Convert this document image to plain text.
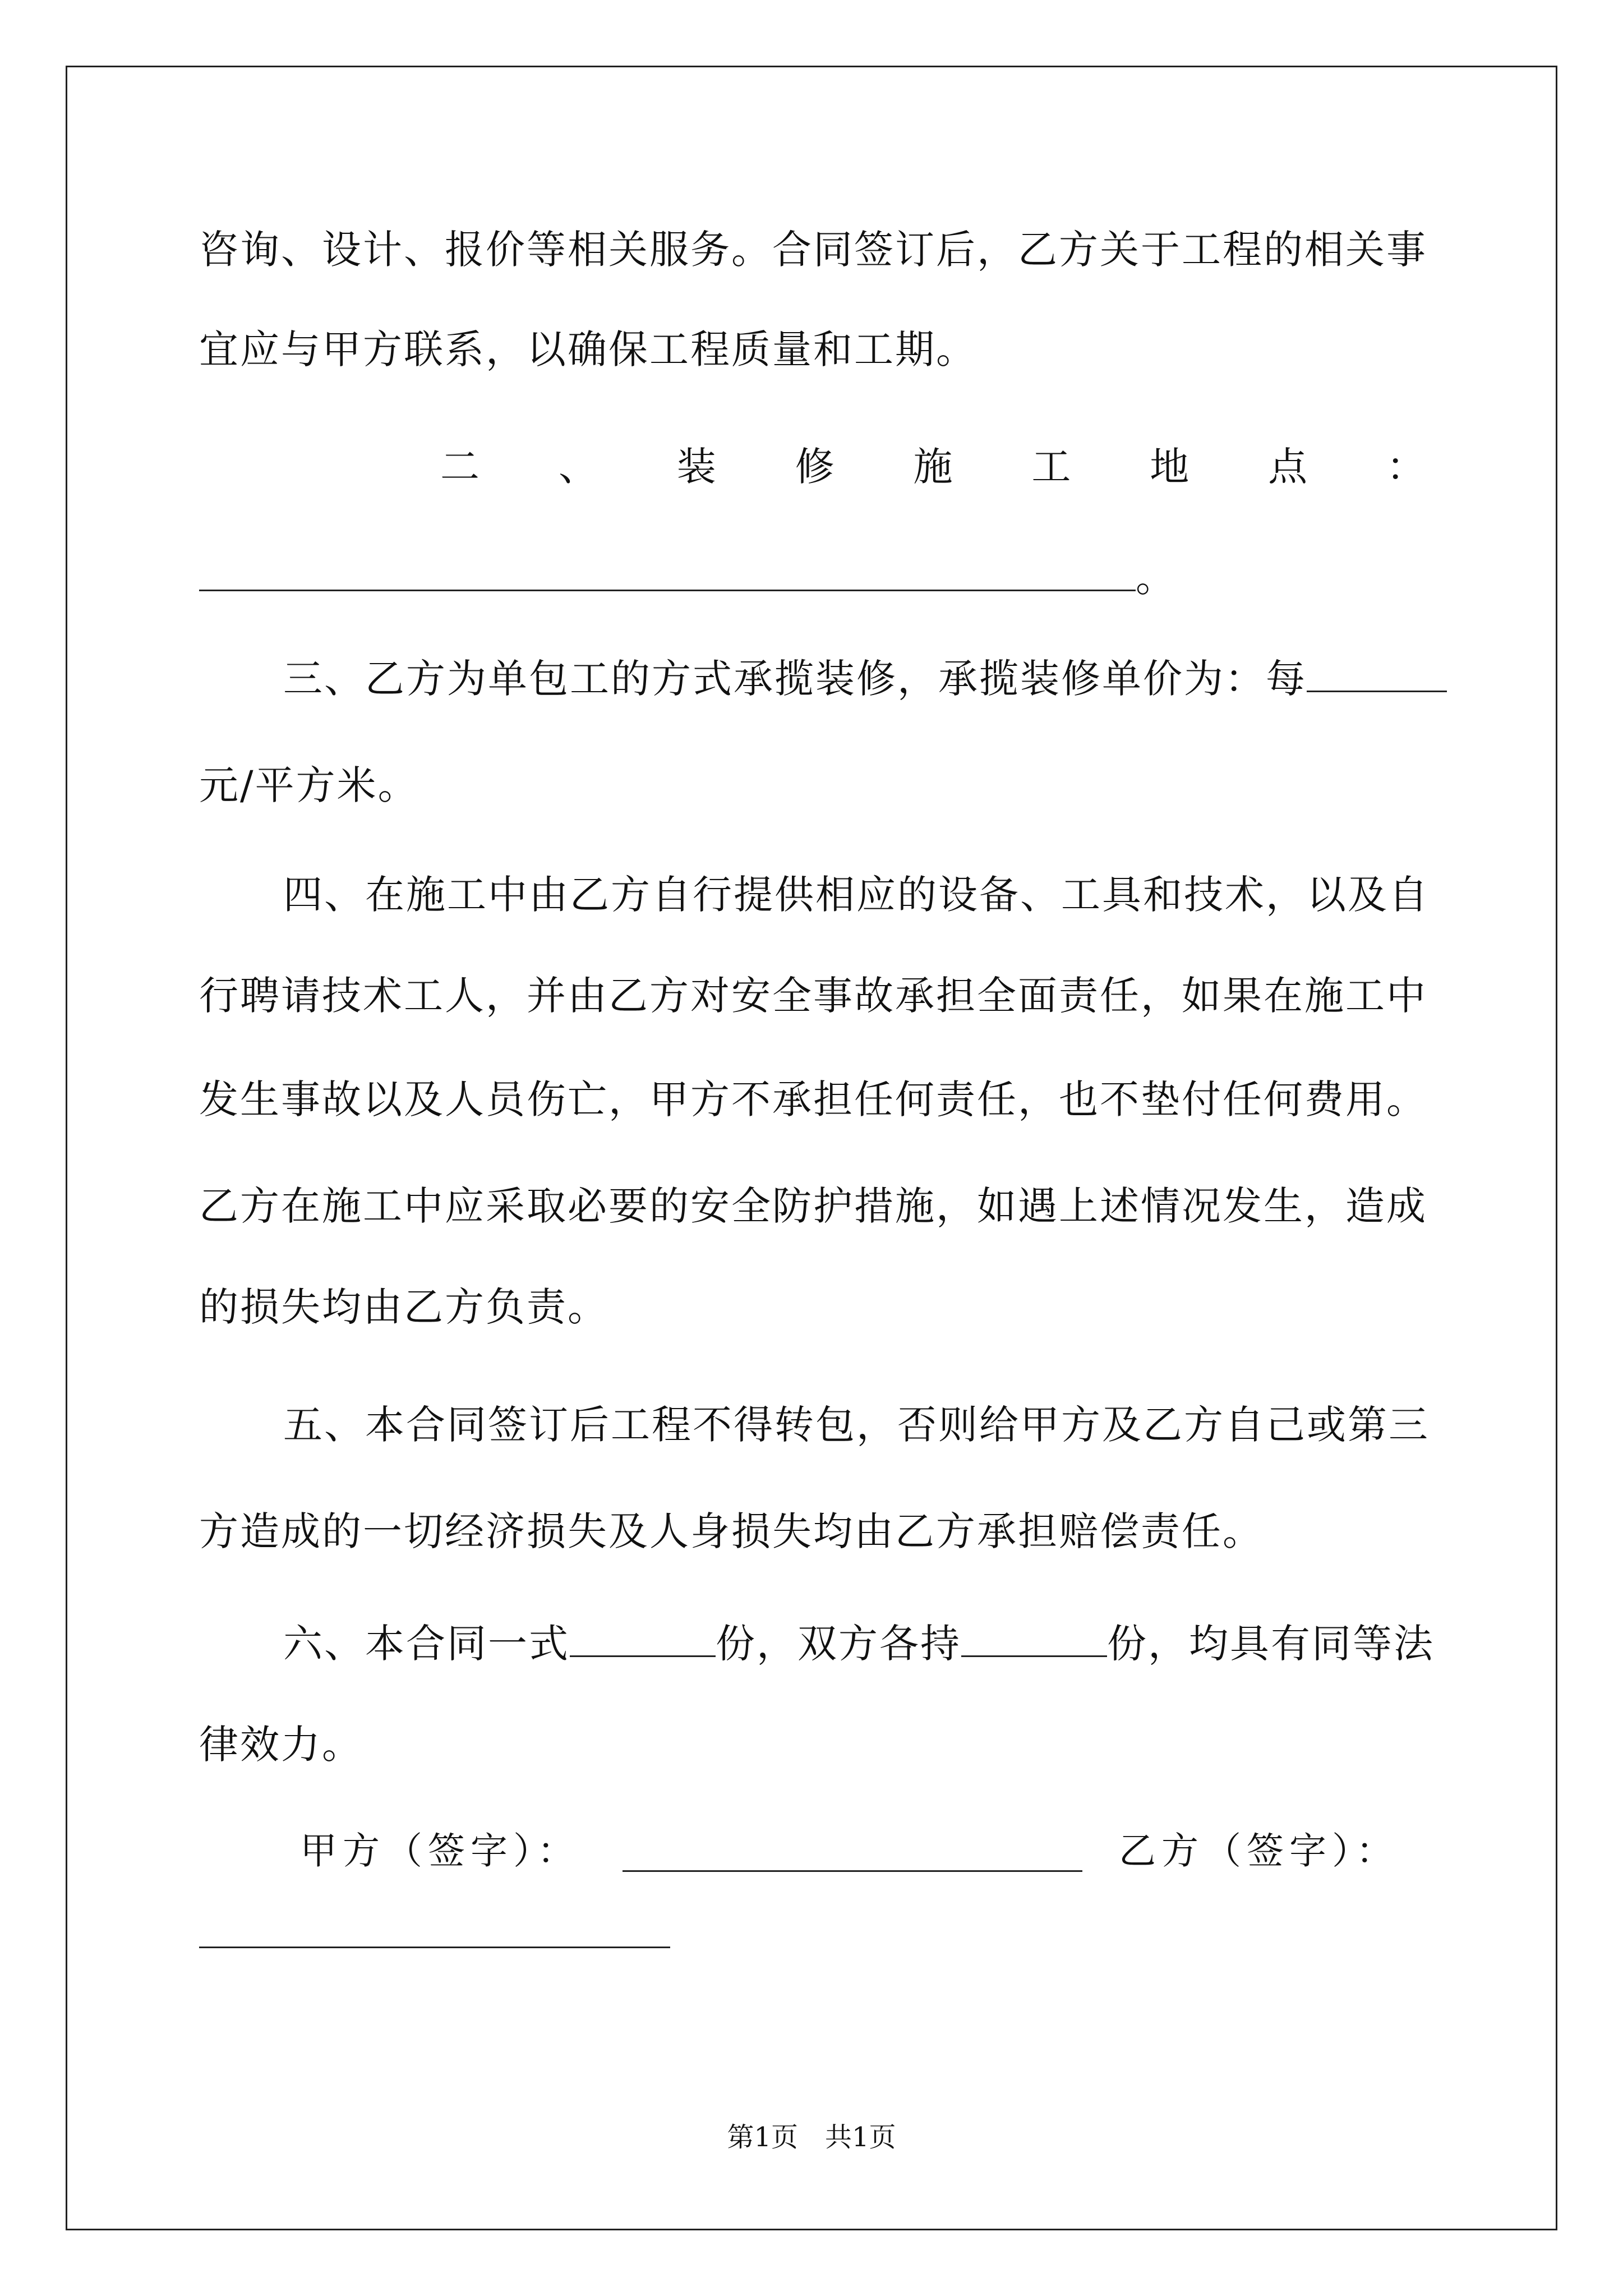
咨询、设计、报价等相关服务。合同签订后，乙方关于工程的相关事
宜应与甲方联系，以确保工程质量和工期。
二 、 装 修 施 工 地 点 ：
。
三、乙方为单包工的方式承揽装修，承揽装修单价为：每
元/平方米。
四、在施工中由乙方自行提供相应的设备、工具和技术，以及自
行聘请技术工人，并由乙方对安全事故承担全面责任，如果在施工中
发生事故以及人员伤亡，甲方不承担任何责任，也不垫付任何费用。
乙方在施工中应采取必要的安全防护措施，如遇上述情况发生，造成
的损失均由乙方负责。
五、本合同签订后工程不得转包，否则给甲方及乙方自己或第三
方造成的一切经济损失及人身损失均由乙方承担赔偿责任。
六、本合同一式	份，双方各持	份，均具有同等法
律效力。
甲方（签字）：	乙方（签字）：
第1页　共1页
